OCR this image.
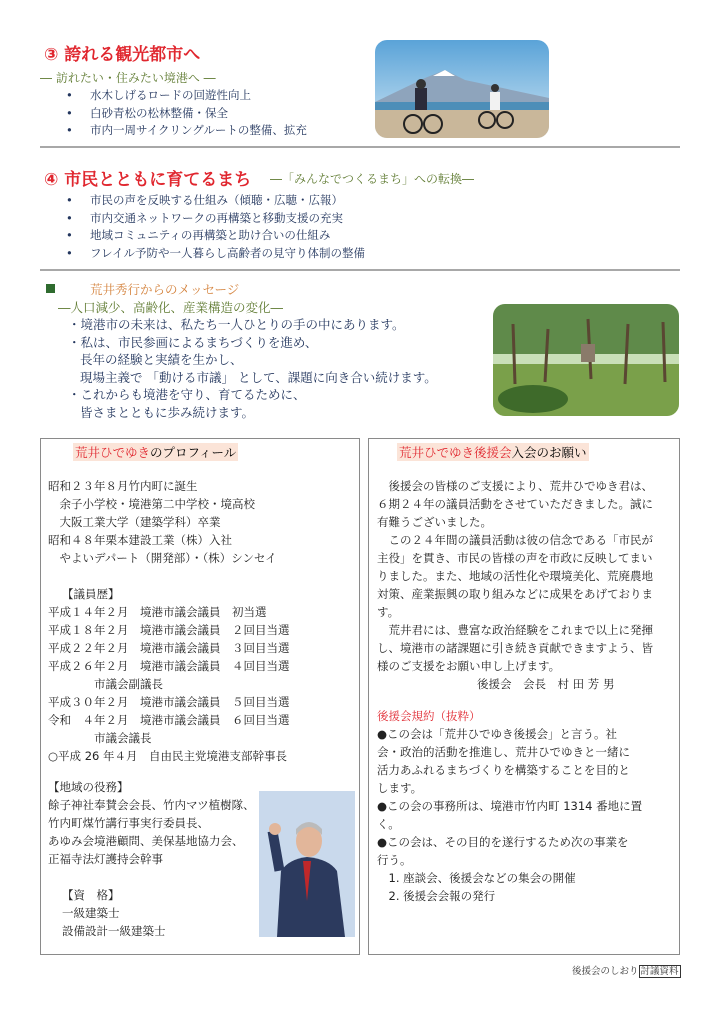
③ 誇れる観光都市へ
― 訪れたい・住みたい境港へ ―
• 水木しげるロードの回遊性向上
• 白砂青松の松林整備・保全
• 市内一周サイクリングルートの整備、拡充
④ 市民とともに育てるまち ―「みんなでつくるまち」への転換―
• 市民の声を反映する仕組み（傾聴・広聴・広報）
• 市内交通ネットワークの再構築と移動支援の充実
• 地域コミュニティの再構築と助け合いの仕組み
• フレイル予防や一人暮らし高齢者の見守り体制の整備
荒井秀行からのメッセージ
―人口減少、高齢化、産業構造の変化―
・境港市の未来は、私たち一人ひとりの手の中にあります。
・私は、市民参画によるまちづくりを進め、
長年の経験と実績を生かし、
現場主義で 「動ける市議」 として、課題に向き合い続けます。
・これからも境港を守り、育てるために、
皆さまとともに歩み続けます。
荒井ひでゆきのプロフィール

昭和２３年８月竹内町に誕生

　余子小学校・境港第二中学校・境高校

　大阪工業大学（建築学科）卒業

昭和４８年栗本建設工業（株）入社

　やよいデパート（開発部）・（株）シンセイ

【議員歴】

平成１４年２月　境港市議会議員　初当選

平成１８年２月　境港市議会議員　２回目当選

平成２２年２月　境港市議会議員　３回目当選

平成２６年２月　境港市議会議員　４回目当選

　　　　市議会副議長

平成３０年２月　境港市議会議員　５回目当選

令和　４年２月　境港市議会議員　６回目当選

　　　　市議会議長

○平成 26 年４月　自由民主党境港支部幹事長

【地域の役務】

餘子神社奉賛会会長、竹内マツ植樹隊、

竹内町煤竹講行事実行委員長、

あゆみ会境港顧問、美保基地協力会、

正福寺法灯護持会幹事

【資　格】

一級建築士

設備設計一級建築士

荒井ひでゆき後援会入会のお願い

　後援会の皆様のご支援により、荒井ひでゆき君は、

６期２４年の議員活動をさせていただきました。誠に

有難うございました。

　この２４年間の議員活動は彼の信念である「市民が

主役」を貫き、市民の皆様の声を市政に反映してまい

りました。また、地域の活性化や環境美化、荒廃農地

対策、産業振興の取り組みなどに成果をあげておりま

す。

　荒井君には、豊富な政治経験をこれまで以上に発揮

し、境港市の諸課題に引き続き貢献できますよう、皆

様のご支援をお願い申し上げます。

後援会　会長　村 田 芳 男

後援会規約（抜粋）

●この会は「荒井ひでゆき後援会」と言う。社

会・政治的活動を推進し、荒井ひでゆきと一緒に

活力あふれるまちづくりを構築することを目的と

します。

●この会の事務所は、境港市竹内町 1314 番地に置

く。

●この会は、その目的を遂行するため次の事業を

行う。

　1. 座談会、後援会などの集会の開催

　2. 後援会会報の発行

後援会のしおり 討議資料
